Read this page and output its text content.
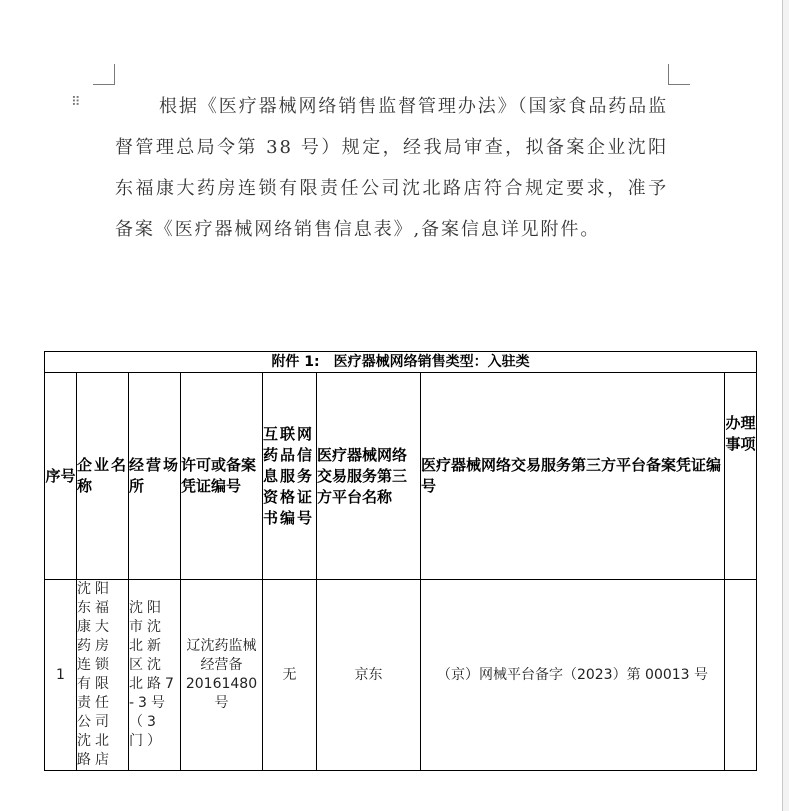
⠿	根据《医疗器械网络销售监督管理办法》（国家食品药品监督管理总局令第 38 号）规定，经我局审查，拟备案企业沈阳东福康大药房连锁有限责任公司沈北路店符合规定要求，准予备案《医疗器械网络销售信息表》,备案信息详见附件。
附件 1:　医疗器械网络销售类型：入驻类							
序号	企业名称	经营场所	许可或备案凭证编号	互联网药品信息服务资格证书编号	医疗器械网络交易服务第三方平台名称	医疗器械网络交易服务第三方平台备案凭证编号	办理事项
1	沈阳东福康大药房连锁有限责任公司沈北路店	沈阳市沈北新区沈北路7-3号（3门）	辽沈药监械经营备20161480号	无	京东	（京）网械平台备字（2023）第 00013 号	
